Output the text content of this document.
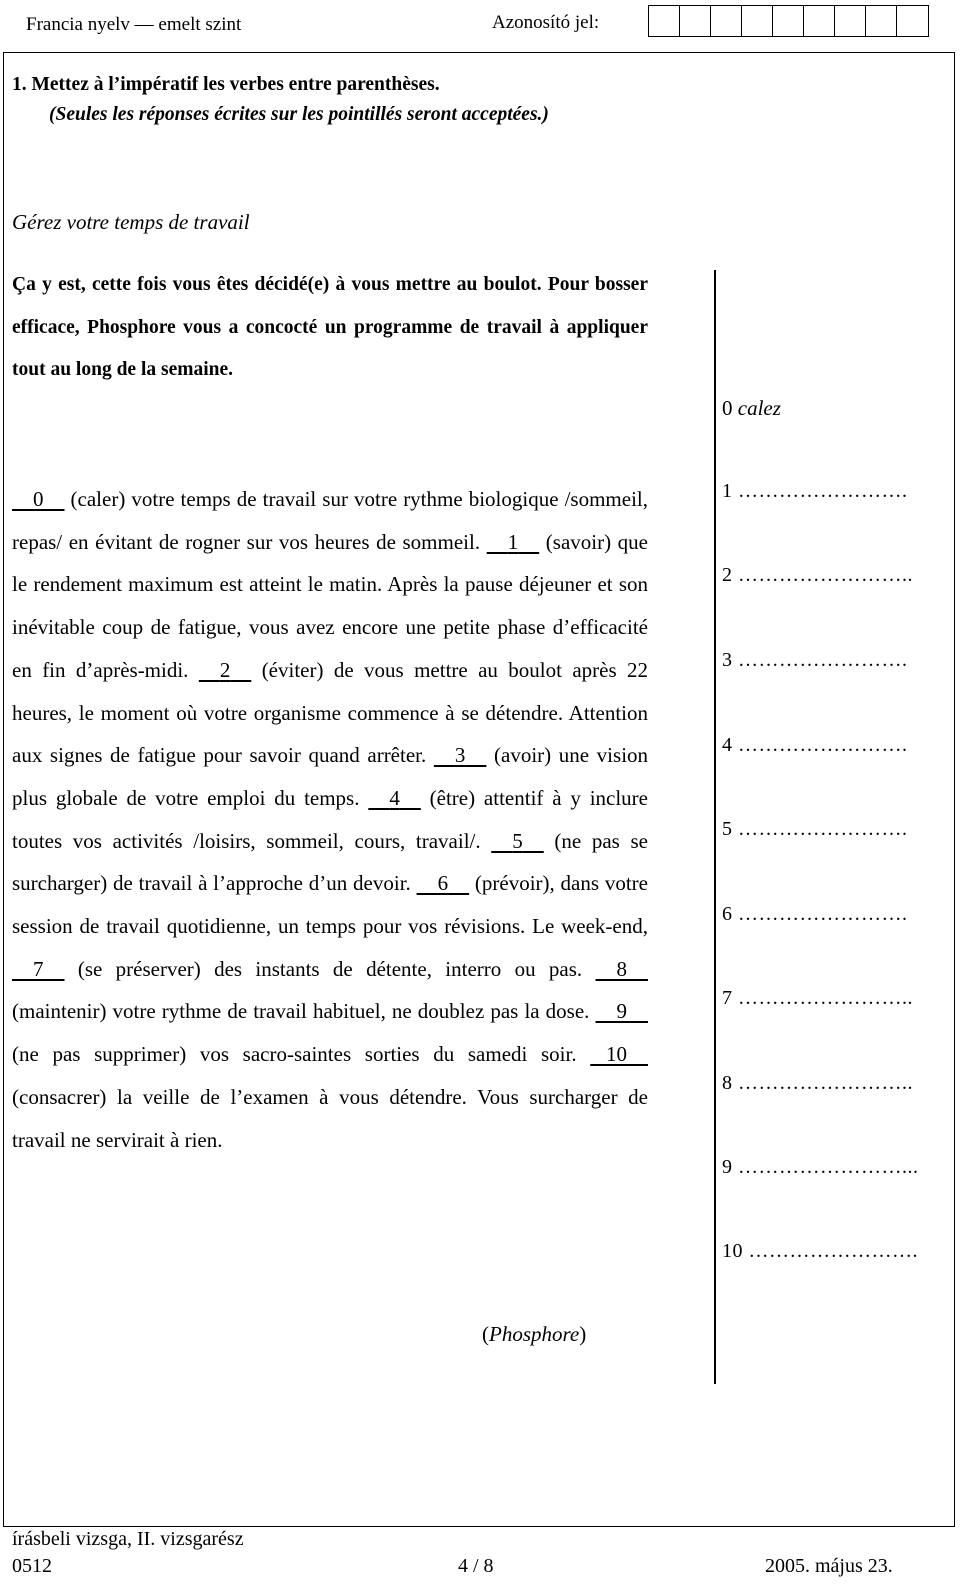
Francia nyelv — emelt szint	Azonosító jel:
1. Mettez à l’impératif les verbes entre parenthèses.
(Seules les réponses écrites sur les pointillés seront acceptées.)
Gérez votre temps de travail
Ça y est, cette fois vous êtes décidé(e) à vous mettre au boulot. Pour bosser efficace, Phosphore vous a concocté un programme de travail à appliquer tout au long de la semaine.
0 (caler) votre temps de travail sur votre rythme biologique /sommeil, repas/ en évitant de rogner sur vos heures de sommeil. 1 (savoir) que le rendement maximum est atteint le matin. Après la pause déjeuner et son inévitable coup de fatigue, vous avez encore une petite phase d’efficacité en fin d’après-midi. 2 (éviter) de vous mettre au boulot après 22 heures, le moment où votre organisme commence à se détendre. Attention aux signes de fatigue pour savoir quand arrêter. 3 (avoir) une vision plus globale de votre emploi du temps. 4 (être) attentif à y inclure toutes vos activités /loisirs, sommeil, cours, travail/. 5 (ne pas se surcharger) de travail à l’approche d’un devoir. 6 (prévoir), dans votre session de travail quotidienne, un temps pour vos révisions. Le week-end,     7 (se préserver) des instants de détente, interro ou pas. 8     (maintenir) votre rythme de travail habituel, ne doublez pas la dose. 9     (ne pas supprimer) vos sacro-saintes sorties du samedi soir. 10     (consacrer) la veille de l’examen à vous détendre. Vous surcharger de travail ne servirait à rien.
(Phosphore)
0 calez
1 …………………….
2 ……………………..
3 …………………….
4 …………………….
5 …………………….
6 …………………….
7 ……………………..
8 ……………………..
9 ……………………...
10 …………………….
írásbeli vizsga, II. vizsgarész
0512	4 / 8	2005. május 23.
